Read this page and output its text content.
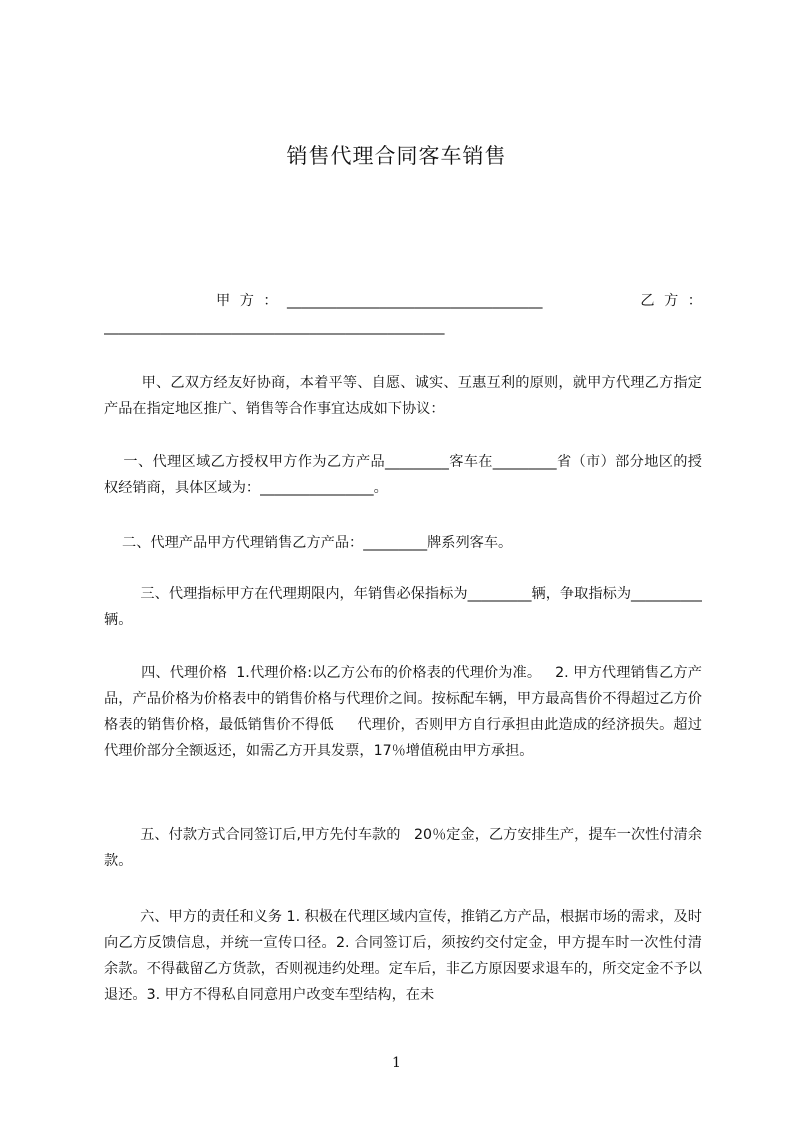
销售代理合同客车销售
甲方：____________________________________       乙方：________________________________________________
甲、乙双方经友好协商，本着平等、自愿、诚实、互惠互利的原则，就甲方代理乙方指定产品在指定地区推广、销售等合作事宜达成如下协议：
一、代理区域乙方授权甲方作为乙方产品_________客车在_________省（市）部分地区的授权经销商，具体区域为：________________。
二、代理产品甲方代理销售乙方产品：_________牌系列客车。
三、代理指标甲方在代理期限内，年销售必保指标为_________辆，争取指标为__________辆。
四、代理价格  1.代理价格:以乙方公布的价格表的代理价为准。   2. 甲方代理销售乙方产品，产品价格为价格表中的销售价格与代理价之间。按标配车辆，甲方最高售价不得超过乙方价格表的销售价格，最低销售价不得低     代理价，否则甲方自行承担由此造成的经济损失。超过代理价部分全额返还，如需乙方开具发票，17％增值税由甲方承担。
五、付款方式合同签订后,甲方先付车款的   20％定金，乙方安排生产，提车一次性付清余款。
六、甲方的责任和义务 1. 积极在代理区域内宣传，推销乙方产品，根据市场的需求，及时向乙方反馈信息，并统一宣传口径。2. 合同签订后，须按约交付定金，甲方提车时一次性付清余款。不得截留乙方货款，否则视违约处理。定车后，非乙方原因要求退车的，所交定金不予以退还。3. 甲方不得私自同意用户改变车型结构，在未
1
